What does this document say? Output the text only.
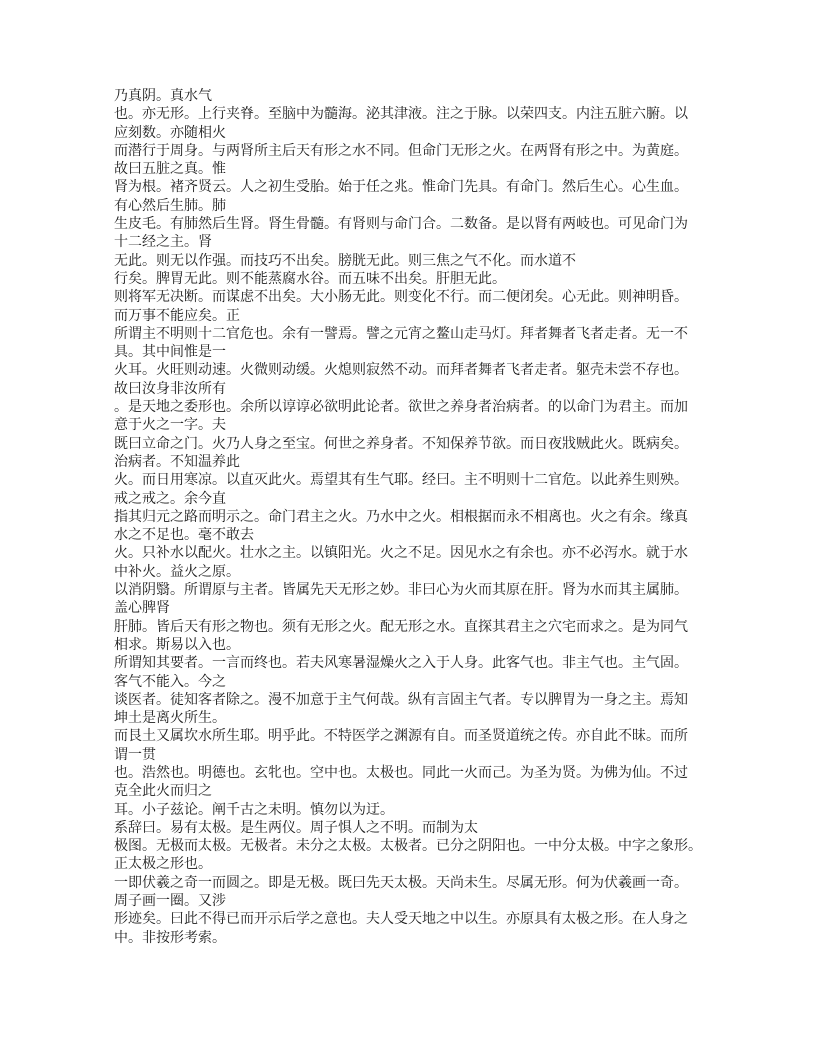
乃真阴。真水气
也。亦无形。上行夹脊。至脑中为髓海。泌其津液。注之于脉。以荣四支。内注五脏六腑。以
应刻数。亦随相火
而潜行于周身。与两肾所主后天有形之水不同。但命门无形之火。在两肾有形之中。为黄庭。
故曰五脏之真。惟
肾为根。褚齐贤云。人之初生受胎。始于任之兆。惟命门先具。有命门。然后生心。心生血。
有心然后生肺。肺
生皮毛。有肺然后生肾。肾生骨髓。有肾则与命门合。二数备。是以肾有两岐也。可见命门为
十二经之主。肾
无此。则无以作强。而技巧不出矣。膀胱无此。则三焦之气不化。而水道不
行矣。脾胃无此。则不能蒸腐水谷。而五味不出矣。肝胆无此。
则将军无决断。而谋虑不出矣。大小肠无此。则变化不行。而二便闭矣。心无此。则神明昏。
而万事不能应矣。正
所谓主不明则十二官危也。余有一譬焉。譬之元宵之鳌山走马灯。拜者舞者飞者走者。无一不
具。其中间惟是一
火耳。火旺则动速。火微则动缓。火熄则寂然不动。而拜者舞者飞者走者。躯壳未尝不存也。
故曰汝身非汝所有
。是天地之委形也。余所以谆谆必欲明此论者。欲世之养身者治病者。的以命门为君主。而加
意于火之一字。夫
既曰立命之门。火乃人身之至宝。何世之养身者。不知保养节欲。而日夜戕贼此火。既病矣。
治病者。不知温养此
火。而日用寒凉。以直灭此火。焉望其有生气耶。经曰。主不明则十二官危。以此养生则殃。
戒之戒之。余今直
指其归元之路而明示之。命门君主之火。乃水中之火。相根据而永不相离也。火之有余。缘真
水之不足也。毫不敢去
火。只补水以配火。壮水之主。以镇阳光。火之不足。因见水之有余也。亦不必泻水。就于水
中补火。益火之原。
以消阴翳。所谓原与主者。皆属先天无形之妙。非曰心为火而其原在肝。肾为水而其主属肺。
盖心脾肾
肝肺。皆后天有形之物也。须有无形之火。配无形之水。直探其君主之穴宅而求之。是为同气
相求。斯易以入也。
所谓知其要者。一言而终也。若夫风寒暑湿燥火之入于人身。此客气也。非主气也。主气固。
客气不能入。今之
谈医者。徒知客者除之。漫不加意于主气何哉。纵有言固主气者。专以脾胃为一身之主。焉知
坤土是离火所生。
而艮土又属坎水所生耶。明乎此。不特医学之渊源有自。而圣贤道统之传。亦自此不昧。而所
谓一贯
也。浩然也。明德也。玄牝也。空中也。太极也。同此一火而己。为圣为贤。为佛为仙。不过
克全此火而归之
耳。小子兹论。阐千古之未明。慎勿以为迂。
系辞曰。易有太极。是生两仪。周子惧人之不明。而制为太
极图。无极而太极。无极者。未分之太极。太极者。已分之阴阳也。一中分太极。中字之象形。
正太极之形也。
一即伏羲之奇一而圆之。即是无极。既曰先天太极。天尚未生。尽属无形。何为伏羲画一奇。
周子画一圈。又涉
形迹矣。曰此不得已而开示后学之意也。夫人受天地之中以生。亦原具有太极之形。在人身之
中。非按形考索。
